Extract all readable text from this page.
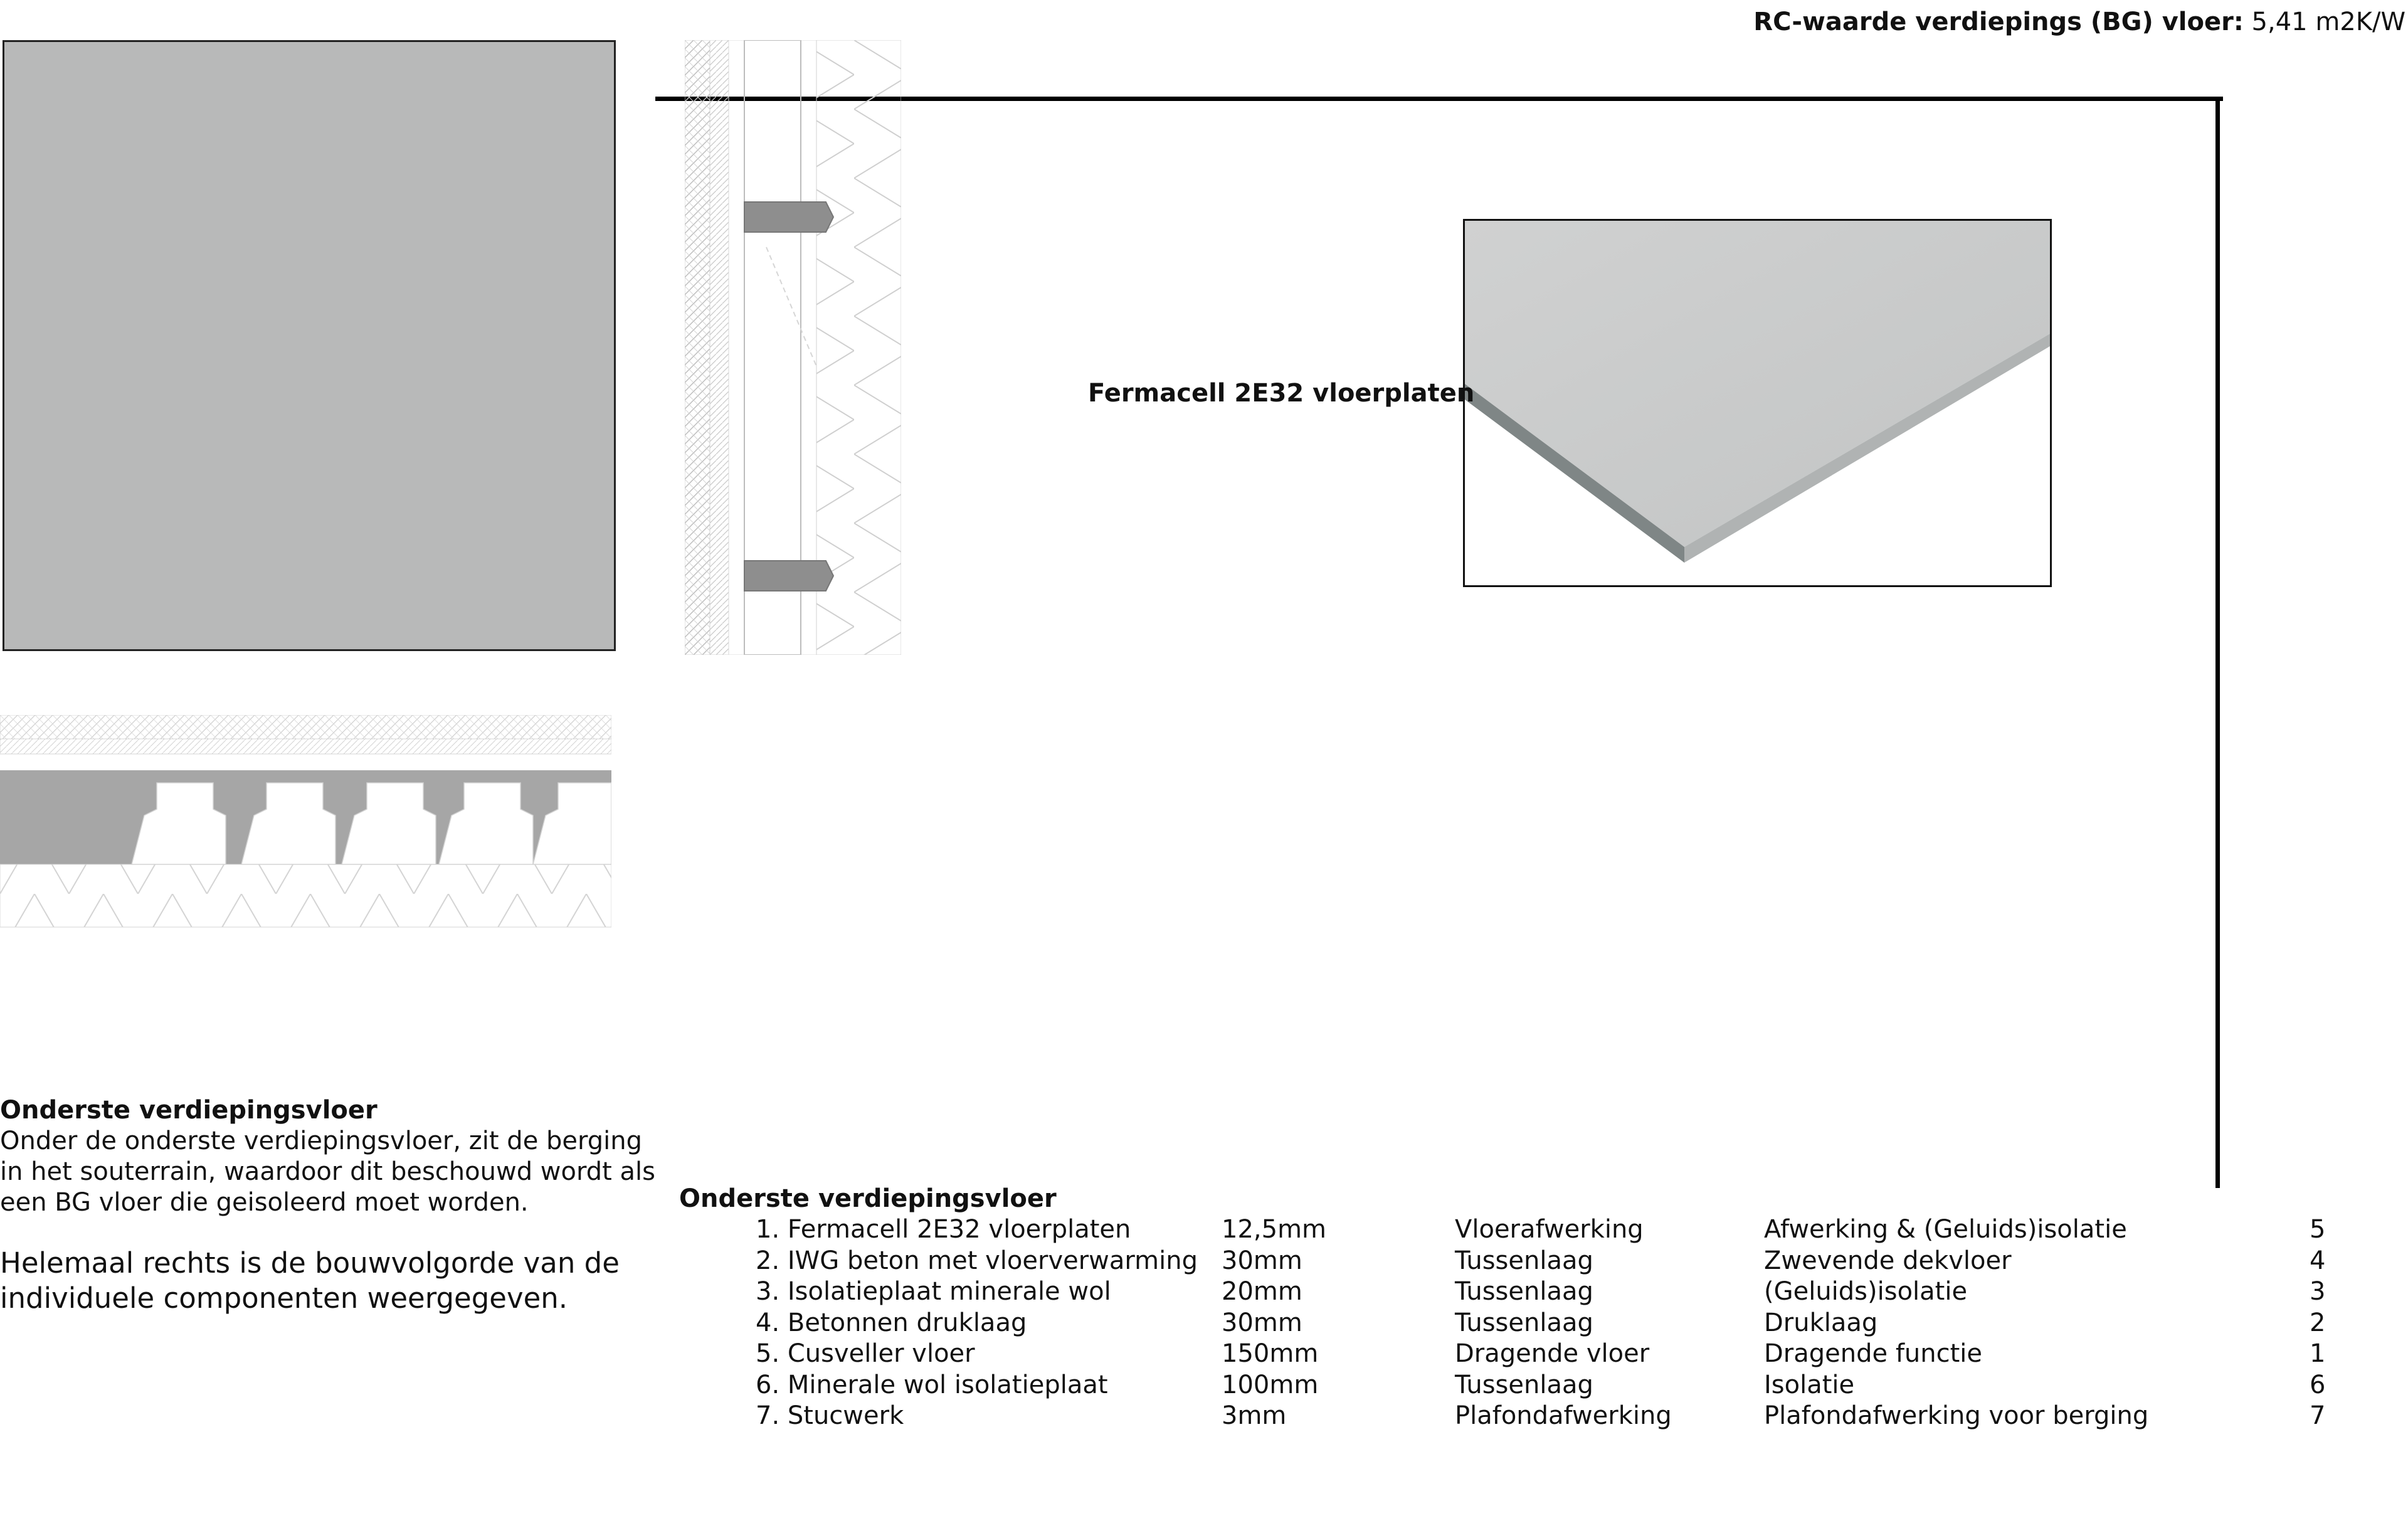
RC-waarde verdiepings (BG) vloer: 5,41 m2K/W
Fermacell 2E32 vloerplaten
Onderste verdiepingsvloer

Onder de onderste verdiepingsvloer, zit de berging in het souterrain, waardoor dit beschouwd wordt als een BG vloer die geisoleerd moet worden.

Helemaal rechts is de bouwvolgorde van de individuele componenten weergegeven.

Onderste verdiepingsvloer
1. Fermacell 2E32 vloerplaten	12,5mm	Vloerafwerking	Afwerking & (Geluids)isolatie	5
2. IWG beton met vloerverwarming 30mm	Tussenlaag	Zwevende dekvloer	4
3. Isolatieplaat minerale wol	20mm	Tussenlaag	(Geluids)isolatie	3
4. Betonnen druklaag	30mm	Tussenlaag	Druklaag	2
5. Cusveller vloer	150mm	Dragende vloer	Dragende functie	1
6. Minerale wol isolatieplaat	100mm	Tussenlaag	Isolatie	6
7. Stucwerk	3mm	Plafondafwerking	Plafondafwerking voor berging	7
